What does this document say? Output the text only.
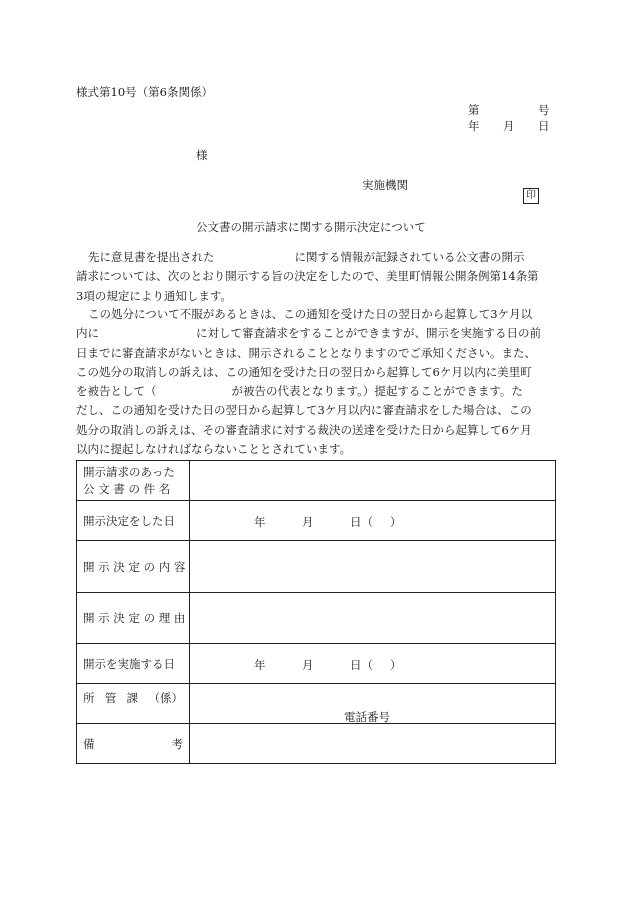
様式第10号（第6条関係）
第	号
年 月 日
様
実施機関
印
公文書の開示請求に関する開示決定について
先に意見書を提出された	に関する情報が記録されている公文書の開示
請求については、次のとおり開示する旨の決定をしたので、美里町情報公開条例第14条第
3項の規定により通知します。
この処分について不服があるときは、この通知を受けた日の翌日から起算して3ケ月以
内に	に対して審査請求をすることができますが、開示を実施する日の前
日までに審査請求がないときは、開示されることとなりますのでご承知ください。また、
この処分の取消しの訴えは、この通知を受けた日の翌日から起算して6ケ月以内に美里町
を被告として（	が被告の代表となります。）提起することができます。た
だし、この通知を受けた日の翌日から起算して3ケ月以内に審査請求をした場合は、この
処分の取消しの訴えは、その審査請求に対する裁決の送達を受けた日から起算して6ケ月
以内に提起しなければならないこととされています。
開示請求のあった
公 文 書 の 件 名	

開示決定をした日	年 月 日（ ）

開 示 決 定 の 内 容	
開 示 決 定 の 理 由	
開示を実施する日	年 月 日（ ）

所 管 課 （係）	電話番号

備 考	
